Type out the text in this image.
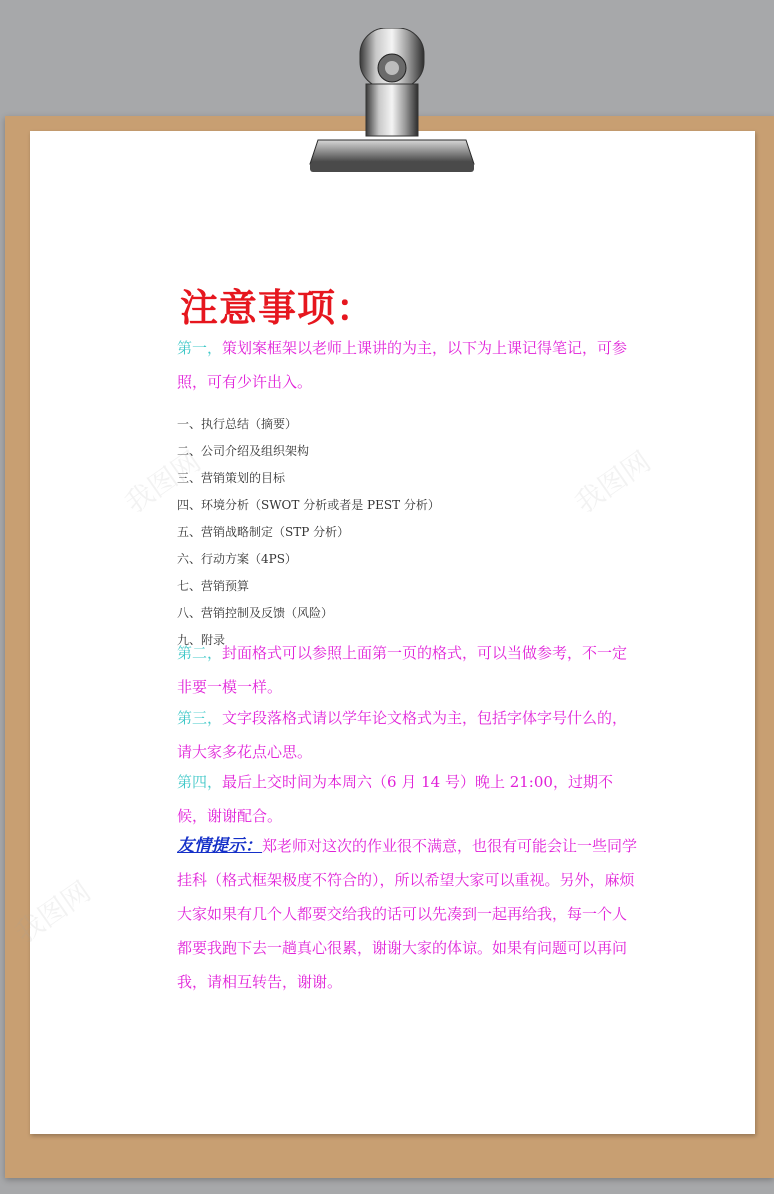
我图网	我图网
我图网
注意事项：
第一，策划案框架以老师上课讲的为主，以下为上课记得笔记，可参照，可有少许出入。
一、执行总结（摘要）
二、公司介绍及组织架构
三、营销策划的目标
四、环境分析（SWOT 分析或者是 PEST 分析）
五、营销战略制定（STP 分析）
六、行动方案（4PS）
七、营销预算
八、营销控制及反馈（风险）
九、附录
第二，封面格式可以参照上面第一页的格式，可以当做参考，不一定非要一模一样。
第三，文字段落格式请以学年论文格式为主，包括字体字号什么的，请大家多花点心思。
第四，最后上交时间为本周六（6 月 14 号）晚上 21:00，过期不候，谢谢配合。
友情提示：郑老师对这次的作业很不满意，也很有可能会让一些同学挂科（格式框架极度不符合的），所以希望大家可以重视。另外，麻烦大家如果有几个人都要交给我的话可以先凑到一起再给我，每一个人都要我跑下去一趟真心很累，谢谢大家的体谅。如果有问题可以再问我，请相互转告，谢谢。
